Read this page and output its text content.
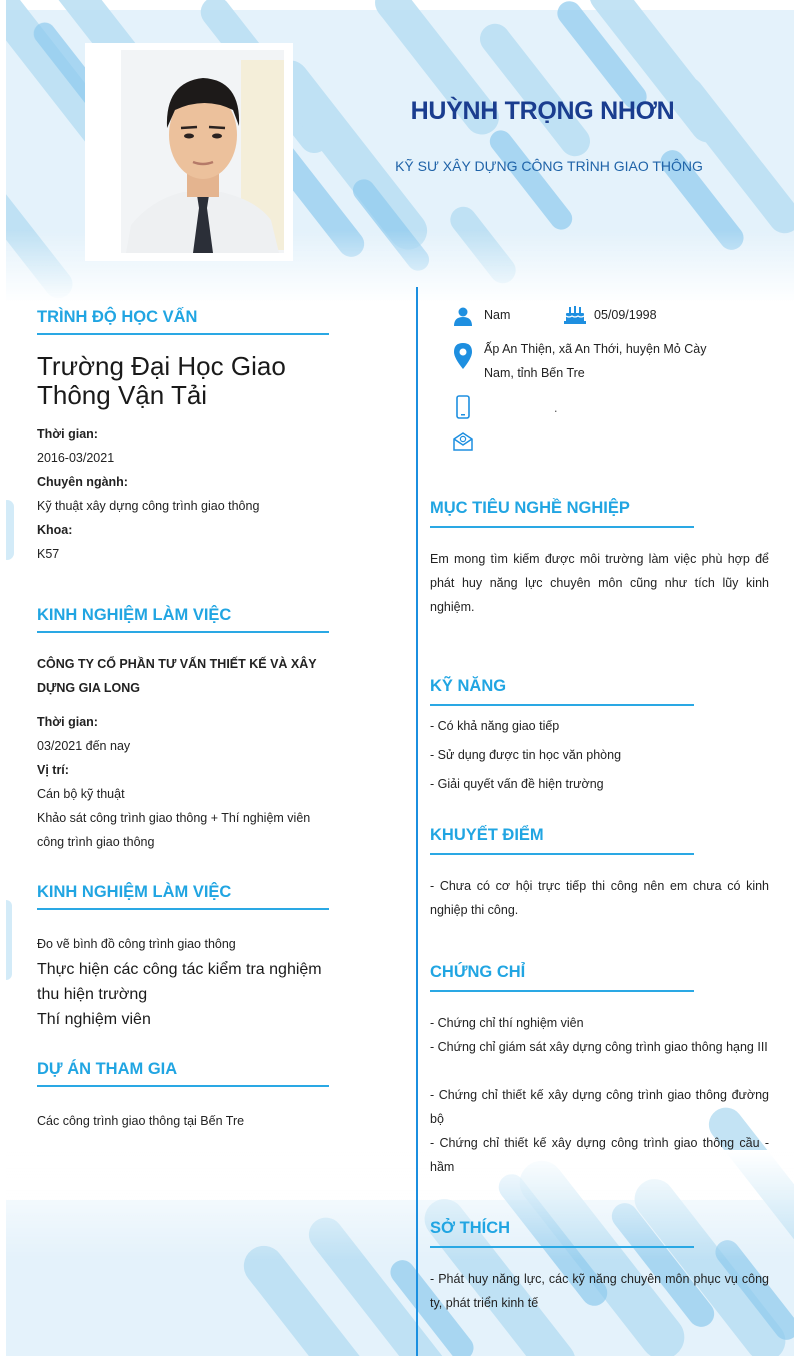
HUỲNH TRỌNG NHƠN
KỸ SƯ XÂY DỰNG CÔNG TRÌNH GIAO THÔNG
TRÌNH ĐỘ HỌC VẤN
Trường Đại Học Giao
Thông Vận Tải
Thời gian:
2016-03/2021
Chuyên ngành:
Kỹ thuật xây dựng công trình giao thông
Khoa:
K57
KINH NGHIỆM LÀM VIỆC
CÔNG TY CỔ PHẦN TƯ VẤN THIẾT KẾ VÀ XÂY
DỰNG GIA LONG
Thời gian:
03/2021 đến nay
Vị trí:
Cán bộ kỹ thuật
Khảo sát công trình giao thông + Thí nghiệm viên
công trình giao thông
KINH NGHIỆM LÀM VIỆC
Đo vẽ bình đồ công trình giao thông
Thực hiện các công tác kiểm tra nghiệm
thu hiện trường
Thí nghiệm viên
DỰ ÁN THAM GIA
Các công trình giao thông tại Bến Tre
Nam	05/09/1998
Ấp An Thiện, xã An Thới, huyện Mỏ Cày
Nam, tỉnh Bến Tre
.
MỤC TIÊU NGHỀ NGHIỆP
Em mong tìm kiếm được môi trường làm việc phù hợp để phát huy năng lực chuyên môn cũng như tích lũy kinh nghiệm.
KỸ NĂNG
- Có khả năng giao tiếp
- Sử dụng được tin học văn phòng
- Giải quyết vấn đề hiện trường
KHUYẾT ĐIỂM
- Chưa có cơ hội trực tiếp thi công nên em chưa có kinh nghiệp thi công.
CHỨNG CHỈ
- Chứng chỉ thí nghiệm viên
- Chứng chỉ giám sát xây dựng công trình giao thông hạng III
- Chứng chỉ thiết kế xây dựng công trình giao thông đường bộ
- Chứng chỉ thiết kế xây dựng công trình giao thông cầu - hầm
SỞ THÍCH
- Phát huy năng lực, các kỹ năng chuyên môn phục vụ công ty, phát triển kinh tế
